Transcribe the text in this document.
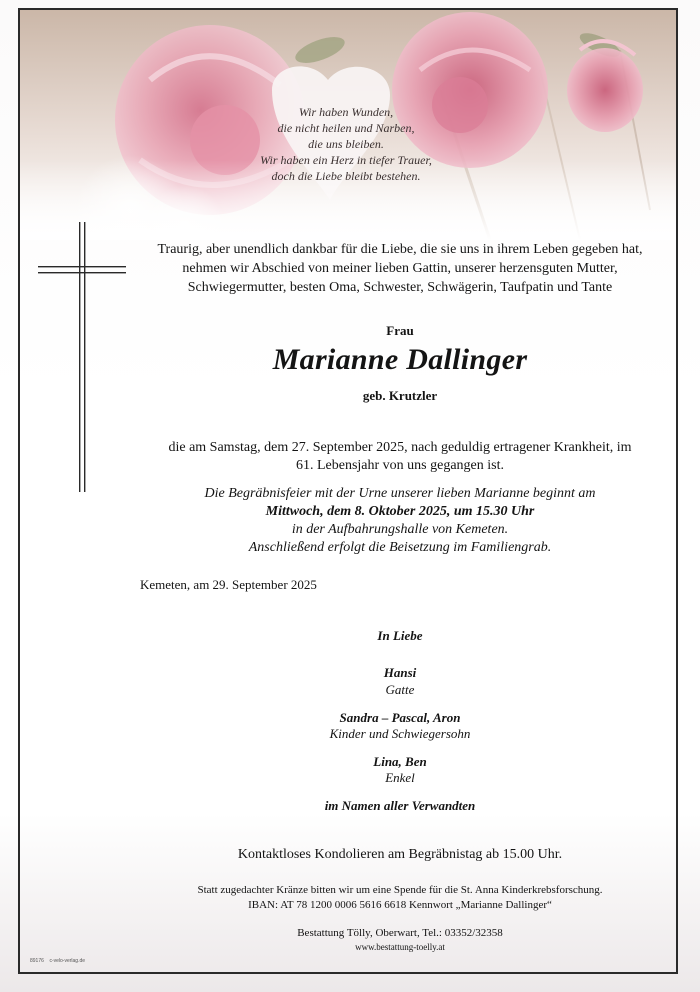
Wir haben Wunden,
die nicht heilen und Narben,
die uns bleiben.
Wir haben ein Herz in tiefer Trauer,
doch die Liebe bleibt bestehen.
Traurig, aber unendlich dankbar für die Liebe, die sie uns in ihrem Leben gegeben hat,
nehmen wir Abschied von meiner lieben Gattin, unserer herzensguten Mutter,
Schwiegermutter, besten Oma, Schwester, Schwägerin, Taufpatin und Tante
Frau
Marianne Dallinger
geb. Krutzler
die am Samstag, dem 27. September 2025, nach geduldig ertragener Krankheit, im
61. Lebensjahr von uns gegangen ist.
Die Begräbnisfeier mit der Urne unserer lieben Marianne beginnt am
Mittwoch, dem 8. Oktober 2025, um 15.30 Uhr
in der Aufbahrungshalle von Kemeten.
Anschließend erfolgt die Beisetzung im Familiengrab.
Kemeten, am 29. September 2025
In Liebe
Hansi
Gatte
Sandra – Pascal, Aron
Kinder und Schwiegersohn
Lina, Ben
Enkel
im Namen aller Verwandten
Kontaktloses Kondolieren am Begräbnistag ab 15.00 Uhr.
Statt zugedachter Kränze bitten wir um eine Spende für die St. Anna Kinderkrebsforschung.
IBAN: AT 78 1200 0006 5616 6618 Kennwort „Marianne Dallinger“
Bestattung Tölly, Oberwart, Tel.: 03352/32358
www.bestattung-toelly.at
89176 c-velo-verlag.de
